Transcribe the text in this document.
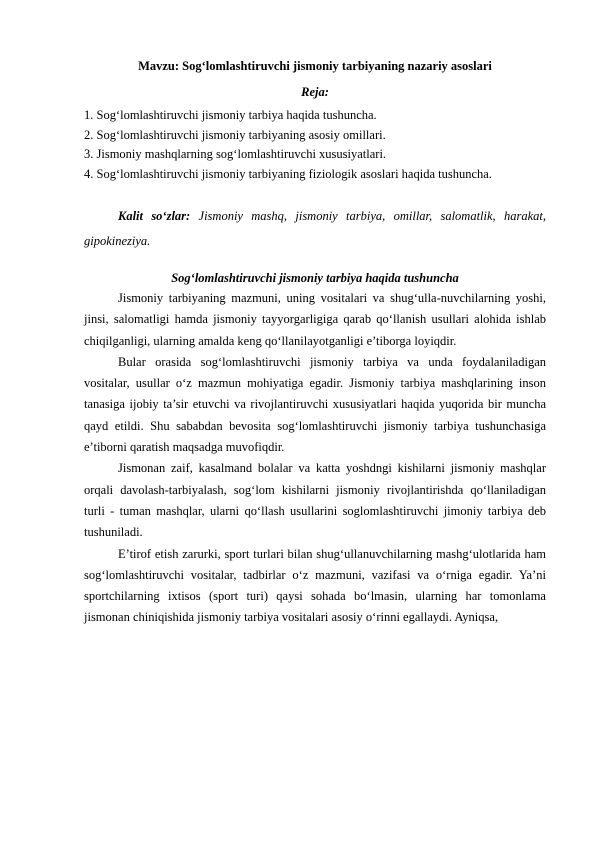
Mavzu: Sog‘lomlashtiruvchi jismoniy tarbiyaning nazariy asoslari
Reja:

1. Sog‘lomlashtiruvchi jismoniy tarbiya haqida tushuncha.

2. Sog‘lomlashtiruvchi jismoniy tarbiyaning asosiy omillari.

3. Jismoniy mashqlarning sog‘lomlashtiruvchi xususiyatlari.

4. Sog‘lomlashtiruvchi jismoniy tarbiyaning fiziologik asoslari haqida tushuncha.

Kalit so‘zlar: Jismoniy mashq, jismoniy tarbiya, omillar, salomatlik, harakat, gipokineziya.

Sog‘lomlashtiruvchi jismoniy tarbiya haqida tushuncha

Jismoniy tarbiyaning mazmuni, uning vositalari va shug‘ulla-nuvchilarning yoshi, jinsi, salomatligi hamda jismoniy tayyorgarligiga qarab qo‘llanish usullari alohida ishlab chiqilganligi, ularning amalda keng qo‘llanilayotganligi e’tiborga loyiqdir.

Bular orasida sog‘lomlashtiruvchi jismoniy tarbiya va unda foydalaniladigan vositalar, usullar o‘z mazmun mohiyatiga egadir. Jismoniy tarbiya mashqlarining inson tanasiga ijobiy ta’sir etuvchi va rivojlantiruvchi xususiyatlari haqida yuqorida bir muncha qayd etildi. Shu sababdan bevosita sog‘lomlashtiruvchi jismoniy tarbiya tushunchasiga e’tiborni qaratish maqsadga muvofiqdir.

Jismonan zaif, kasalmand bolalar va katta yoshdngi kishilarni jismoniy mashqlar orqali davolash-tarbiyalash, sog‘lom kishilarni jismoniy rivojlantirishda qo‘llaniladigan turli - tuman mashqlar, ularni qo‘llash usullarini soglomlashtiruvchi jimoniy tarbiya deb tushuniladi.

E’tirof etish zarurki, sport turlari bilan shug‘ullanuvchilarning mashg‘ulotlarida ham sog‘lomlashtiruvchi vositalar, tadbirlar o‘z mazmuni, vazifasi va o‘rniga egadir. Ya’ni sportchilarning ixtisos (sport turi) qaysi sohada bo‘lmasin, ularning har tomonlama jismonan chiniqishida jismoniy tarbiya vositalari asosiy o‘rinni egallaydi. Ayniqsa,
